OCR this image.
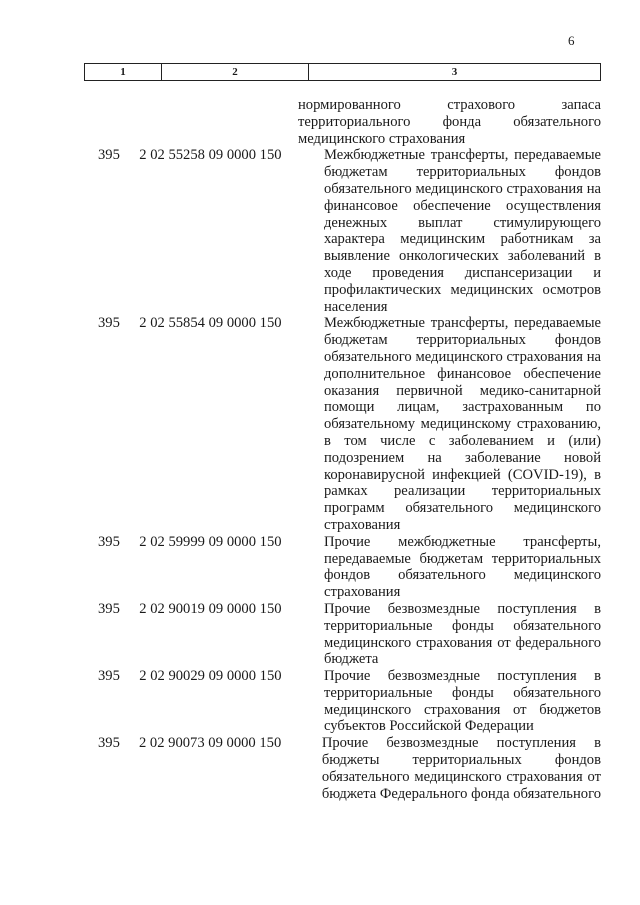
6
1	2	3
нормированного страхового запаса
территориального фонда обязательного
медицинского страхования
395	2 02 55258 09 0000 150	Межбюджетные трансферты, передаваемые
бюджетам территориальных фондов
обязательного медицинского страхования на
финансовое обеспечение осуществления
денежных выплат стимулирующего
характера медицинским работникам за
выявление онкологических заболеваний в
ходе проведения диспансеризации и
профилактических медицинских осмотров
населения
395	2 02 55854 09 0000 150	Межбюджетные трансферты, передаваемые
бюджетам территориальных фондов
обязательного медицинского страхования на
дополнительное финансовое обеспечение
оказания первичной медико-санитарной
помощи лицам, застрахованным по
обязательному медицинскому страхованию,
в том числе с заболеванием и (или)
подозрением на заболевание новой
коронавирусной инфекцией (COVID-19), в
рамках реализации территориальных
программ обязательного медицинского
страхования
395	2 02 59999 09 0000 150	Прочие межбюджетные трансферты,
передаваемые бюджетам территориальных
фондов обязательного медицинского
страхования
395	2 02 90019 09 0000 150	Прочие безвозмездные поступления в
территориальные фонды обязательного
медицинского страхования от федерального
бюджета
395	2 02 90029 09 0000 150	Прочие безвозмездные поступления в
территориальные фонды обязательного
медицинского страхования от бюджетов
субъектов Российской Федерации
395	2 02 90073 09 0000 150	Прочие безвозмездные поступления в
бюджеты территориальных фондов
обязательного медицинского страхования от
бюджета Федерального фонда обязательного
